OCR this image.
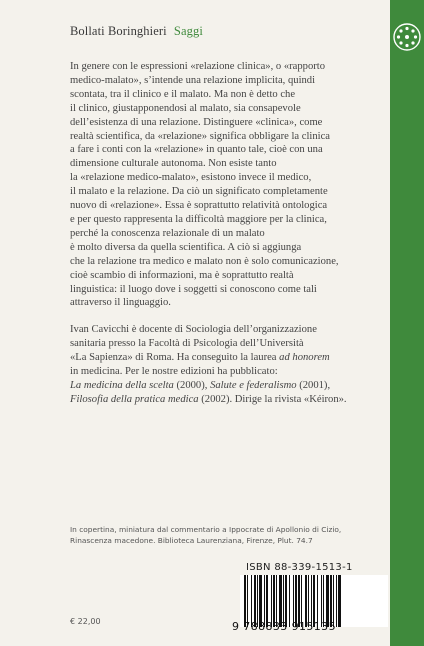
Bollati Boringhieri Saggi
In genere con le espressioni «relazione clinica», o «rapporto
medico-malato», s’intende una relazione implicita, quindi
scontata, tra il clinico e il malato. Ma non è detto che
il clinico, giustapponendosi al malato, sia consapevole
dell’esistenza di una relazione. Distinguere «clinica», come
realtà scientifica, da «relazione» significa obbligare la clinica
a fare i conti con la «relazione» in quanto tale, cioè con una
dimensione culturale autonoma. Non esiste tanto
la «relazione medico-malato», esistono invece il medico,
il malato e la relazione. Da ciò un significato completamente
nuovo di «relazione». Essa è soprattutto relatività ontologica
e per questo rappresenta la difficoltà maggiore per la clinica,
perché la conoscenza relazionale di un malato
è molto diversa da quella scientifica. A ciò si aggiunga
che la relazione tra medico e malato non è solo comunicazione,
cioè scambio di informazioni, ma è soprattutto realtà
linguistica: il luogo dove i soggetti si conoscono come tali
attraverso il linguaggio.
Ivan Cavicchi è docente di Sociologia dell’organizzazione
sanitaria presso la Facoltà di Psicologia dell’Università
«La Sapienza» di Roma. Ha conseguito la laurea ad honorem
in medicina. Per le nostre edizioni ha pubblicato:
La medicina della scelta (2000), Salute e federalismo (2001),
Filosofia della pratica medica (2002). Dirige la rivista «Kéiron».
In copertina, miniatura dal commentario a Ippocrate di Apollonio di Cizio,
Rinascenza macedone. Biblioteca Laurenziana, Firenze, Plut. 74.7
ISBN 88-339-1513-1
9 788833 915135
€ 22,00
